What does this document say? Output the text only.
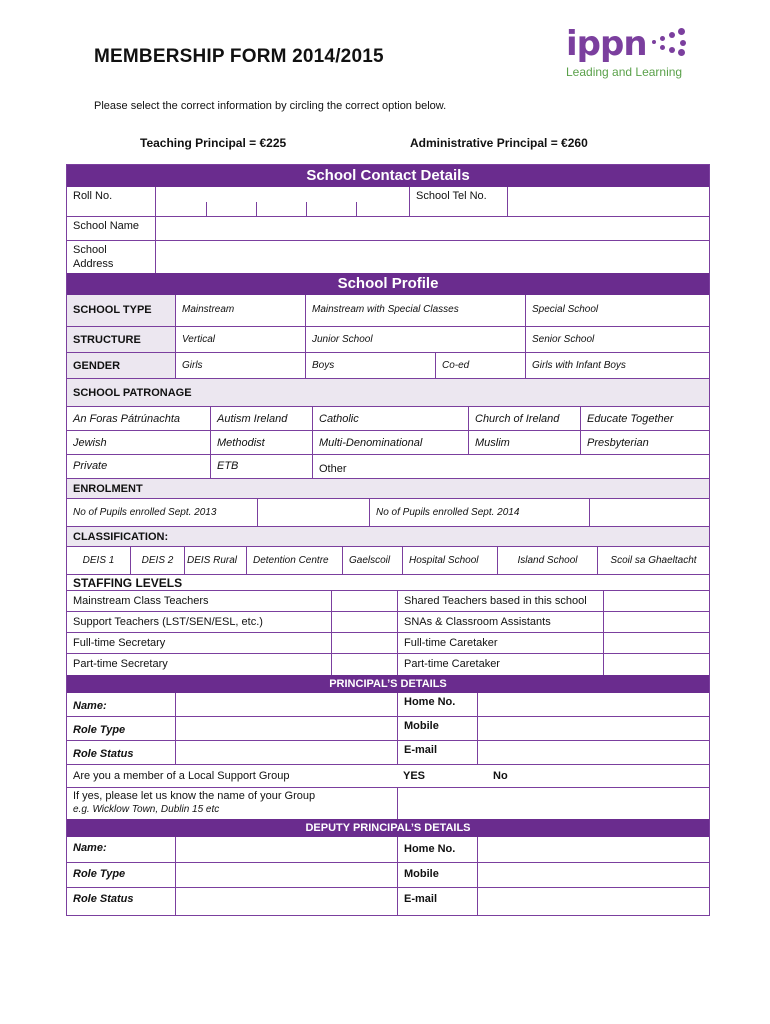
MEMBERSHIP FORM 2014/2015
Please select the correct information by circling the correct option below.
Teaching Principal = €225	Administrative Principal = €260
ippn
Leading and Learning
School Contact Details
Roll No.	School Tel No.
School Name
School
Address
School Profile
SCHOOL TYPE	Mainstream	Mainstream with Special Classes	Special School
STRUCTURE	Vertical	Junior School	Senior School
GENDER	Girls	Boys	Co-ed	Girls with Infant Boys
SCHOOL PATRONAGE
An Foras Pátrúnachta	Autism Ireland	Catholic	Church of Ireland	Educate Together
Jewish	Methodist	Multi-Denominational	Muslim	Presbyterian
Private	ETB	Other
ENROLMENT
No of Pupils enrolled Sept. 2013	No of Pupils enrolled Sept. 2014
CLASSIFICATION:
DEIS 1	DEIS 2	DEIS Rural	Detention Centre	Gaelscoil	Hospital School	Island School	Scoil sa Ghaeltacht
STAFFING LEVELS
Mainstream Class Teachers	Shared Teachers based in this school
Support Teachers (LST/SEN/ESL, etc.)	SNAs & Classroom Assistants
Full-time Secretary	Full-time Caretaker
Part-time Secretary	Part-time Caretaker
PRINCIPAL’S DETAILS
Name:	Home No.
Role Type	Mobile
Role Status	E-mail
Are you a member of a Local Support Group	YES	No
If yes, please let us know the name of your Group
e.g. Wicklow Town, Dublin 15 etc
DEPUTY PRINCIPAL’S DETAILS
Name:	Home No.
Role Type	Mobile
Role Status	E-mail
